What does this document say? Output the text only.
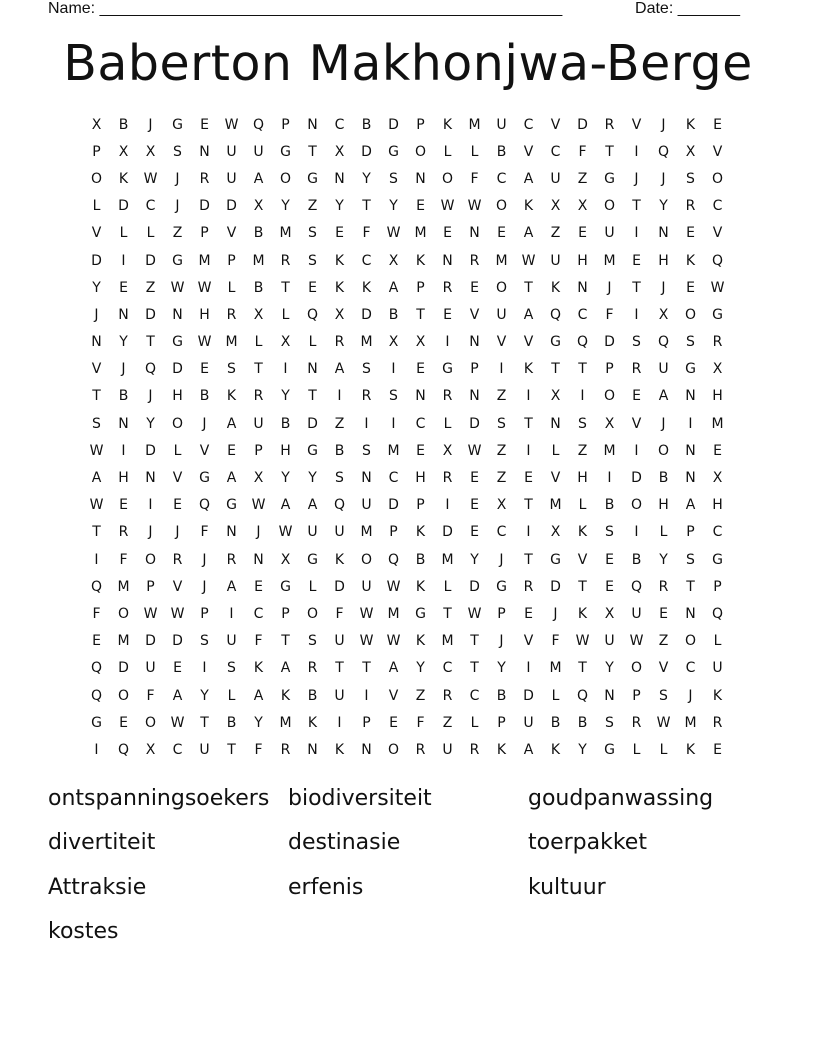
Name: ____________________________________________________	Date: _______
Baberton Makhonjwa-Berge
X	B	J	G	E	W	Q	P	N	C	B	D	P	K	M	U	C	V	D	R	V	J	K	E
P	X	X	S	N	U	U	G	T	X	D	G	O	L	L	B	V	C	F	T	I	Q	X	V
O	K	W	J	R	U	A	O	G	N	Y	S	N	O	F	C	A	U	Z	G	J	J	S	O
L	D	C	J	D	D	X	Y	Z	Y	T	Y	E	W W	O	K	X	X	O	T	Y	R	C
V	L	L	Z	P	V	B	M	S	E	F	W	M	E	N	E	A	Z	E	U	I	N	E	V
D	I	D	G	M	P	M	R	S	K	C	X	K	N	R	M	W	U	H	M	E	H	K	Q
Y	E	Z	W W	L	B	T	E	K	K	A	P	R	E	O	T	K	N	J	T	J	E	W
J	N	D	N	H	R	X	L	Q	X	D	B	T	E	V	U	A	Q	C	F	I	X	O	G
N	Y	T	G	W	M	L	X	L	R	M	X	X	I	N	V	V	G	Q	D	S	Q	S	R
V	J	Q	D	E	S	T	I	N	A	S	I	E	G	P	I	K	T	T	P	R	U	G	X
T	B	J	H	B	K	R	Y	T	I	R	S	N	R	N	Z	I	X	I	O	E	A	N	H
S	N	Y	O	J	A	U	B	D	Z	I	I	C	L	D	S	T	N	S	X	V	J	I	M
W	I	D	L	V	E	P	H	G	B	S	M	E	X	W	Z	I	L	Z	M	I	O	N	E
A	H	N	V	G	A	X	Y	Y	S	N	C	H	R	E	Z	E	V	H	I	D	B	N	X
W	E	I	E	Q	G	W	A	A	Q	U	D	P	I	E	X	T	M	L	B	O	H	A	H
T	R	J	J	F	N	J	W	U	U	M	P	K	D	E	C	I	X	K	S	I	L	P	C
I	F	O	R	J	R	N	X	G	K	O	Q	B	M	Y	J	T	G	V	E	B	Y	S	G
Q	M	P	V	J	A	E	G	L	D	U	W	K	L	D	G	R	D	T	E	Q	R	T	P
F	O	W W	P	I	C	P	O	F	W	M	G	T	W	P	E	J	K	X	U	E	N	Q
E	M	D	D	S	U	F	T	S	U	W W	K	M	T	J	V	F	W	U	W	Z	O	L
Q	D	U	E	I	S	K	A	R	T	T	A	Y	C	T	Y	I	M	T	Y	O	V	C	U
Q	O	F	A	Y	L	A	K	B	U	I	V	Z	R	C	B	D	L	Q	N	P	S	J	K
G	E	O	W	T	B	Y	M	K	I	P	E	F	Z	L	P	U	B	B	S	R	W	M	R
I	Q	X	C	U	T	F	R	N	K	N	O	R	U	R	K	A	K	Y	G	L	L	K	E
ontspanningsoekers biodiversiteit	goudpanwassing
divertiteit	destinasie	toerpakket
Attraksie	erfenis	kultuur
kostes
